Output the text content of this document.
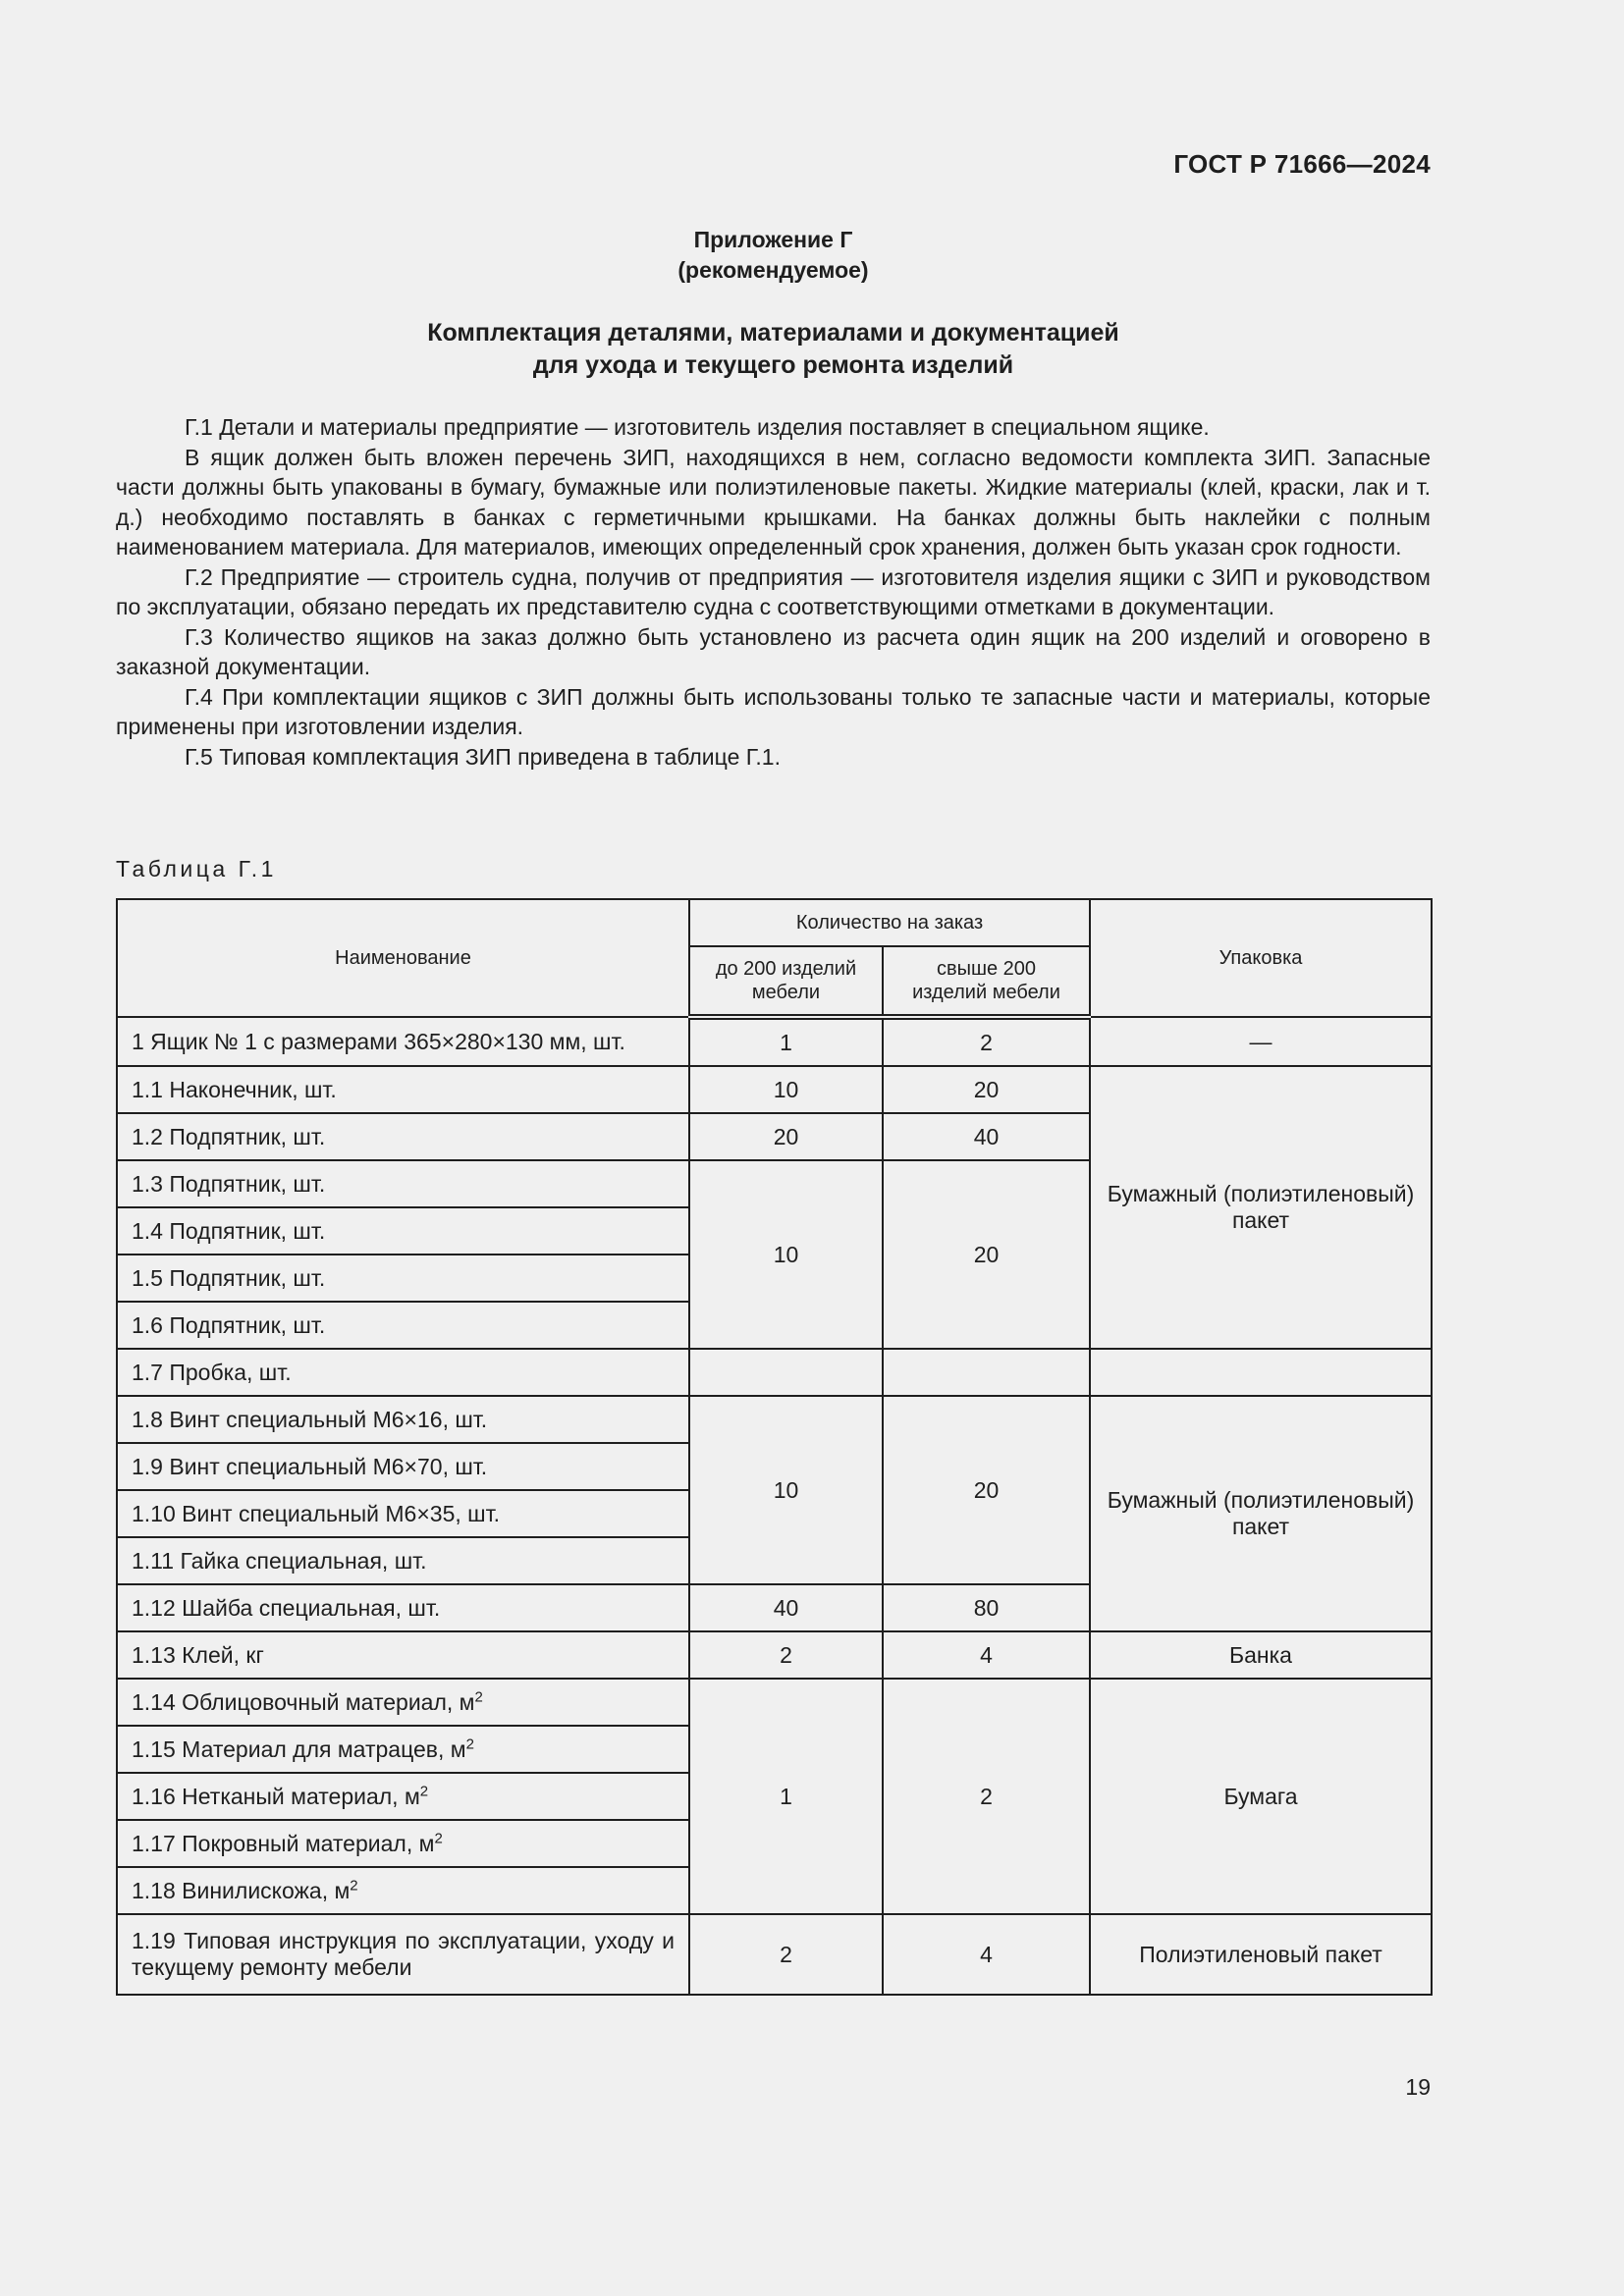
ГОСТ Р 71666—2024
Приложение Г
(рекомендуемое)
Комплектация деталями, материалами и документацией
для ухода и текущего ремонта изделий

Г.1 Детали и материалы предприятие — изготовитель изделия поставляет в специальном ящике.

В ящик должен быть вложен перечень ЗИП, находящихся в нем, согласно ведомости комплекта ЗИП. Запасные части должны быть упакованы в бумагу, бумажные или полиэтиленовые пакеты. Жидкие материалы (клей, краски, лак и т. д.) необходимо поставлять в банках с герметичными крышками. На банках должны быть наклейки с полным наименованием материала. Для материалов, имеющих определенный срок хранения, должен быть указан срок годности.

Г.2 Предприятие — строитель судна, получив от предприятия — изготовителя изделия ящики с ЗИП и руководством по эксплуатации, обязано передать их представителю судна с соответствующими отметками в документации.

Г.3 Количество ящиков на заказ должно быть установлено из расчета один ящик на 200 изделий и оговорено в заказной документации.

Г.4 При комплектации ящиков с ЗИП должны быть использованы только те запасные части и материалы, которые применены при изготовлении изделия.

Г.5 Типовая комплектация ЗИП приведена в таблице Г.1.

Таблица Г.1
Наименование	Количество на заказ		Упаковка
	до 200 изделий мебели	свыше 200 изделий мебели	
1 Ящик № 1 с размерами 365×280×130 мм, шт.	1	2	—
1.1 Наконечник, шт.	10	20	Бумажный (полиэтиленовый) пакет
1.2 Подпятник, шт.	20	40	
1.3 Подпятник, шт.	10	20	
1.4 Подпятник, шт.			
1.5 Подпятник, шт.			
1.6 Подпятник, шт.			
1.7 Пробка, шт.			
1.8 Винт специальный М6×16, шт.	10	20	Бумажный (полиэтиленовый) пакет
1.9 Винт специальный М6×70, шт.			
1.10 Винт специальный М6×35, шт.			
1.11 Гайка специальная, шт.			
1.12 Шайба специальная, шт.	40	80	
1.13 Клей, кг	2	4	Банка
1.14 Облицовочный материал, $м^2$	1	2	Бумага
1.15 Материал для матрацев, $м^2$
1.16 Нетканый материал, $м^2$
1.17 Покровный материал, $м^2$
1.18 Винилискожа, $м^2$
1.19 Типовая инструкция по эксплуатации, уходу и текущему ремонту мебели	2	4	Полиэтиленовый пакет
19
